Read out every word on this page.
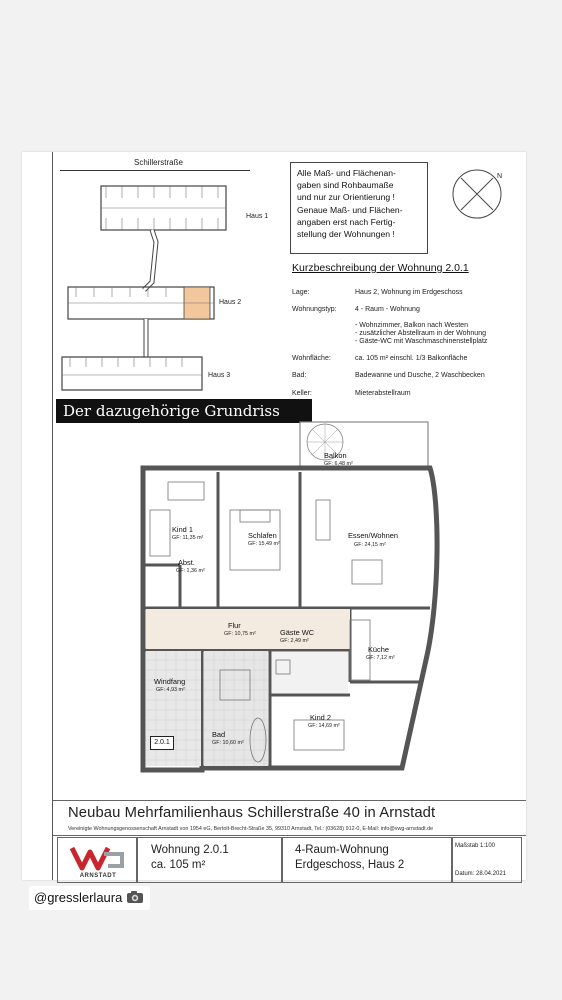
Schillerstraße
Haus 1
Haus 2
Haus 3
Alle Maß- und Flächenan-
gaben sind Rohbaumaße
und nur zur Orientierung !
Genaue Maß- und Flächen-
angaben erst nach Fertig-
stellung der Wohnungen !
N
Kurzbeschreibung der Wohnung 2.0.1
Lage:	Haus 2, Wohnung im Erdgeschoss
Wohnungstyp:	4 - Raum - Wohnung
- Wohnzimmer, Balkon nach Westen
- zusätzlicher Abstellraum in der Wohnung
- Gäste-WC mit Waschmaschinenstellplatz
Wohnfläche:	ca. 105 m² einschl. 1/3 Balkonfläche
Bad:	Badewanne und Dusche, 2 Waschbecken
Keller:	Mieterabstellraum
Der dazugehörige Grundriss
Balkon
GF: 6,48 m²
Kind 1
GF: 11,35 m²	Schlafen
GF: 15,49 m²
Essen/Wohnen
GF: 24,15 m²
Abst.
GF: 1,36 m²
Flur
GF: 10,75 m²	Gäste WC
GF: 2,49 m²
Küche
GF: 7,12 m²
Windfang
GF: 4,93 m²
Bad
GF: 10,60 m²
Kind 2
GF: 14,69 m²
2.0.1
Neubau Mehrfamilienhaus Schillerstraße 40 in Arnstadt
Vereinigte Wohnungsgenossenschaft Arnstadt von 1954 eG, Bertolt-Brecht-Straße 35, 99310 Arnstadt, Tel.: (03628) 912-0, E-Mail: info@vwg-arnstadt.de
ARNSTADT
Wohnung 2.0.1
ca. 105 m²
4-Raum-Wohnung
Erdgeschoss, Haus 2
Maßstab 1:100
Datum: 28.04.2021
@gresslerlaura
